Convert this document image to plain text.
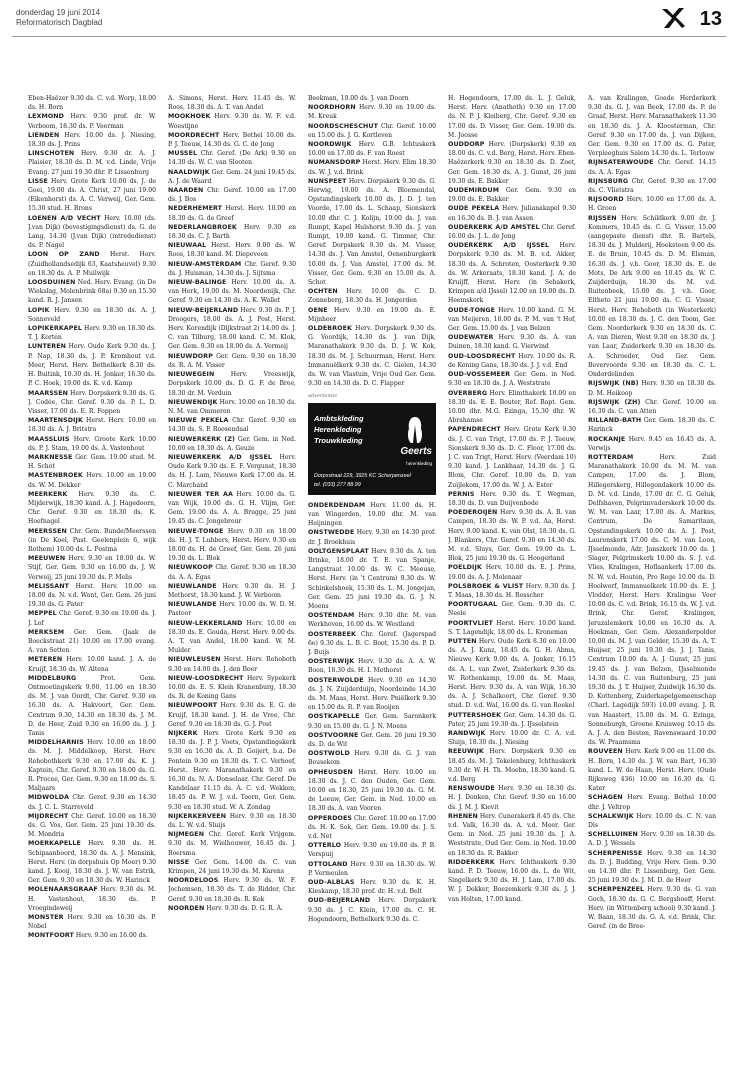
donderdag 19 juni 2014
Reformatorisch Dagblad	13

Eben-Haëzer 9.30 ds. C. v.d. Worp, 18.00 ds. H. Born

LEXMOND Herv. 9.30 prof. dr. W. Verboom, 18.30 ds. P. Veerman

LIENDEN Herv. 10.00 ds. J. Niesing, 18.30 ds. J. Prins

LINSCHOTEN Herv. 9.30 dr. A. J. Plaisier, 18.30 ds. D. M. v.d. Linde, Vrije Evang. 27 juni 19.30 dhr. P. Lissenburg

LISSE Herv. Grote Kerk 10.00 ds. J. de Goei, 19.00 ds. A. Christ, 27 juni 19.00 (Eikenhorst) ds. A. C. Verweij, Ger. Gem. 15.30 stud. H. Brons

LOENEN A/D VECHT Herv. 10.00 (ds. J.van Dijk) (bevestigingsdienst) ds. G. de Lang, 14.30 (J.van Dijk) (intrededienst) ds. P. Nagel

LOON OP ZAND Herst. Herv. (Zuidhollandsedijk 63, Kaatsheuvel) 9.30 en 18.30 ds. A. P. Muilwijk

LOOSDUINEN Ned. Herv. Evang. (in De Wiekslag, Molenbrink 68a) 9.30 en 15.30 kand. R. J. Jansen

LOPIK Herv. 9.30 en 18.30 ds. A. J. Sonneveld

LOPIKERKAPEL Herv. 9.30 en 18.30 ds. T. J. Korten

LUNTEREN Herv. Oude Kerk 9.30 ds. J. P. Nap, 18.30 ds. J. P. Kromhout v.d. Meer, Herst. Herv. Bethelkerk 8.30 ds. H. Buitink, 10.30 ds. H. Jonker, 16.30 ds. P. C. Hoek, 19.00 ds. K. v.d. Kamp

MAARSSEN Herv. Dorpskerk 9.30 ds. G. J. Codée, Chr. Geref. 9.30 ds. P. L. D. Visser, 17.00 ds. E. R. Foppen

MAARTENSDIJK Herst. Herv. 10.00 en 18.30 ds. A. J. Britstra

MAASSLUIS Herv. Groote Kerk 10.00 ds. P. J. Stam, 19.00 ds. A. Vastenhout

MARKNESSE Ger. Gem. 19.00 stud. M. H. Schot

MASTENBROEK Herv. 10.00 en 19.00 ds. W. M. Dekker

MEERKERK Herv. 9.30 ds. C. Mijderwijk, 18.30 kand. A. J. Hagedoorn, Chr. Geref. 9.30 en 18.30 ds. K. Hoefnagel

MEERSSEN Chr. Gem. Bunde/Meerssen (in De Koel, Past. Geelenplein 6, wijk Rothem) 10.00 ds. L. Postma

MEEUWEN Herv. 9.30 en 18.00 ds. W. Stijf, Ger. Gem. 9.30 en 16.00 ds. J. W. Verweij, 25 juni 19.30 ds. P. Melis

MELISSANT Herst. Herv. 10.00 en 18.00 ds. N. v.d. Want, Ger. Gem. 26 juni 19.30 ds. G. Pater

MEPPEL Chr. Geref. 9.30 en 19.00 ds. J. J. Lof

MERKSEM Ger. Gem. (Jaak de Boeckstraat 21) 10.00 en 17.00 evang. A. van Setten

METEREN Herv. 10.00 kand. J. A. de Kruijf, 18.30 ds. W. Altena

MIDDELBURG	Prot. Gem. Ontmoetingskerk 9.00, 11.00 en 18.30 ds. M. J. van Oordt, Chr. Geref. 9.30 en 16.30 ds. A. Hakvoort, Ger. Gem. Centrum 9.30, 14.30 en 18.30 ds. J. M. D. de Heer, Zuid 9.30 en 16.00 ds. J. J. Tanis

MIDDELHARNIS Herv. 10.00 en 18.00 ds. M. J. Middelkoop, Herst. Herv. Rehobothkerk 9.30 en 17.00 ds. K. J. Kaptein, Chr. Geref. 9.30 en 18.00 ds. G. R. Procee, Ger. Gem. 9.30 en 18.00 ds. S. Maljaars

MIDWOLDA Chr. Geref. 9.30 en 14.30 ds. J. C. L. Starreveld

MIJDRECHT Chr. Geref. 10.00 en 18.30 ds. G. Vos, Ger. Gem. 25 juni 19.30 ds. M. Mondria

MOERKAPELLE Herv. 9.30 ds. H. Schipaanboord, 18.30 ds. A. J. Mensink, Herst. Herv. (in dorpshuis Op Moer) 9.30 kand. J. Kooij, 18.30 ds. J. W. van Estrik, Ger. Gem. 9.30 en 18.30 ds. W. Harinck

MOLENAARSGRAAF Herv. 9.30 ds. M. H. Vastenhout, 18.30 ds. P. Vroegindeweij

MONSTER Herv. 9.30 en 16.30 ds. P. Nobel

MONTFOORT Herv. 9.30 en 16.00 ds.

A. Simons, Herst. Herv. 11.45 ds. W. Roos, 18.30 ds. A. T. van Andel

MOOKHOEK Herv. 9.30 ds. W. F. v.d. Woestijne

MOORDRECHT Herv. Bethel 10.00 ds. P. J. Teeuw, 14.30 ds. G. C. de Jong

MUSSEL Chr. Geref. (De Ark) 9.30 en 14.30 ds. W. C. van Slooten

NAALDWIJK Ger. Gem. 24 juni 19.45 ds. A. J. de Waard

NAARDEN Chr. Geref. 10.00 en 17.00 ds. J. Bos

NEDERHEMERT Herst. Herv. 10.00 en 18.30 ds. G. de Greef

NEDERLANGBROEK Herv. 9.30 en 18.30 ds. C. J. Barth

NIEUWAAL Herst. Herv. 9.00 ds. W. Roos, 18.30 kand. M. Diepeveen

NIEUW-AMSTERDAM Chr. Geref. 9.30 ds. J. Huisman, 14.30 ds. J. Sijtsma

NIEUW-BALINGE Herv. 10.00 ds. A. van Herk, 19.00 ds. M. Noordenijk, Chr. Geref. 9.30 en 14.30 ds. A. K. Wallet

NIEUW-BEIJERLAND Herv. 9.30 ds. P. J. Droogers, 18.00 ds. A. J. Post, Herst. Herv. Korendijk (Dijkstraat 2) 14.00 ds. J. C. van Tilburg, 18.00 kand. C. M. Klok, Ger. Gem. 9.30 en 18.00 ds. A. Vermeij

NIEUWDORP Ger. Gem. 9.30 en 18.30 ds. R. A. M. Visser

NIEUWEGEIN	Herv. Vreeswijk, Dorpskerk 10.00 ds. D. G. F. de Bree, 18.30 dr. M. Verduin

NIEUWENDIJK Herv. 10.00 en 18.30 ds. N. M. van Ommeren

NIEUWE PEKELA Chr. Geref. 9.30 en 14.30 ds. S. P. Roosendaal

NIEUWERKERK (Z) Ger. Gem. in Ned. 10.00 en 18.30 ds. A. Geuze

NIEUWERKERK A/D IJSSEL Herv. Oude Kerk 9.30 ds. E. F. Vergunst, 18.30 ds. H. J. Lam, Nieuwe Kerk 17.00 ds. H. C. Marchand

NIEUWER TER AA Herv. 10.00 ds. G. van Wijk, 19.00 ds. G. H. Vlijm, Ger. Gem. 19.00 ds. A. A. Brugge, 25 juni 19.45 ds. C. Jongebreur

NIEUWE-TONGE Herv. 9.30 en 18.00 ds. H. J. T. Lubbers, Herst. Herv. 9.30 en 18.00 ds. H. de Greef, Ger. Gem. 26 juni 19.30 ds. L. Blok

NIEUWKOOP Chr. Geref. 9.30 en 18.30 ds. A. A. Egas

NIEUWLANDE Herv. 9.30 ds. H. J. Methorst, 18.30 kand. J. W. Verboom

NIEUWLANDE Herv. 10.00 ds. W. D. H. Pastoor

NIEUW-LEKKERLAND Herv. 10.00 en 18.30 ds. E. Gouda, Herst. Herv. 9.00 ds. A. T. van Andel, 18.00 kand. W. M. Mulder

NIEUWLEUSEN Herst. Herv. Rehoboth 9.30 en 14.00 ds. J. den Boer

NIEUW-LOOSDRECHT Herv. Sypekerk 10.00 ds. E. S. Klein Kranenburg, 18.30 ds. R. de Koning Gans

NIEUWPOORT Herv. 9.30 ds. E. G. de Kruijf, 18.30 kand. J. H. de Vree, Chr. Geref. 9.30 en 18.30 ds. G. J. Post

NIJKERK Herv. Grote Kerk 9.30 en 18.30 ds. J. P. J. Voets, Opstandingskerk 9.30 en 16.30 ds. A. D. Goijert, b.a. De Fontein 9.30 en 18.30 ds. T. C. Verhoef, Herst. Herv. Maranathakerk 9.30 en 16.30 ds. N. A. Donselaar, Chr. Geref. De Kandelaar 11.15 ds. A. C. v.d. Wekken, 18.45 ds. P. W. J. v.d. Toorn, Ger. Gem. 9.30 en 18.30 stud. W. A. Zondag

NIJKERKERVEEN Herv. 9.30 en 18.30 ds. L. W. v.d. Sluijs

NIJMEGEN Chr. Geref. Kerk Vrijgem. 9.30 ds. M. Wielhouwer, 16.45 ds. J. Boersma

NISSE Ger. Gem. 14.00 ds. C. van Krimpen, 24 juni 19.30 ds. M. Karens

NOORDELOOS Herv. 9.30 ds. W. F. Jochemsen, 18.30 ds. T. de Ridder, Chr. Geref. 9.30 en 18.30 ds. R. Kok

NOORDEN Herv. 9.30 ds. D. G. R. A.

Beekman, 19.00 ds. J. van Doorn

NOORDHORN Herv. 9.30 en 19.00 ds. M. Kreuk

NOORDSCHESCHUT Chr. Geref. 10.00 en 15.00 ds. J. G. Kortleven

NOORDWIJK Herv. G.B. Ichtuskerk 10.00 en 17.00 ds. F. van Roest

NUMANSDORP Herst. Herv. Elim 18.30 ds. W. J. v.d. Brink

NUNSPEET Herv. Dorpskerk 9.30 ds. G. Herwig, 19.00 ds. A. Bloemendal, Opstandingskerk 10.00 ds. J. D. J. ten Voorde, 17.00 ds. L. Schaap, Sionskerk 10.00 dhr. C. J. Kolijn, 19.00 ds. J. van Rumpt, Kapel Hulshorst 9.30 ds. J. van Rumpt, 19.00 kand. G. Timmer, Chr. Geref. Dorpskerk 9.30 ds. M. Visser, 14.30 ds. J. Van Amstel, Oenenburgkerk 10.00 ds. J. Van Amstel, 17.00 ds. M. Visser, Ger. Gem. 9.30 en 15.00 ds. A. Schot

OCHTEN Herv. 10.00 ds. C. D. Zonneberg, 18.30 ds. H. Jongerden

OENE Herv. 9.30 en 19.00 ds. E. Mijnheer

OLDEBROEK Herv. Dorpskerk 9.30 ds. G. Voordijk, 14.30 ds. J. van Dijk, Maranathakerk 9.30 ds. D. J. W. Kok, 18.30 ds. M. J. Schuurman, Herst. Herv. Immanuëlkerk 9.30 ds. C. Gielen, 14.30 ds. W. van Vlastuin, Vrije Oud Ger. Gem. 9.30 en 14.30 ds. D. C. Flapper

advertentie
Ambtskleding
Herenkleding
Trouwkleding
Geerts
herenkleding
Dorpsstraat 229, 3925 KC Scherpenzeel
tel. (033) 277 88 99

ONDERDENDAM Herv. 11.00 ds. H. van Wingerden, 19.00 dhr. M. van Heijningen

ONSTWEDDE Herv. 9.30 en 14.30 prof. dr. J. Broekhuis

OOLTGENSPLAAT Herv. 9.30 ds. A. ten Brinke, 18.00 dr. T. E. van Spanje, Langstraat 10.00 ds. W. C. Meeuse, Herst. Herv. (in 't Centrum) 9.30 ds. W. Schinkelshoek, 15.30 ds. L. M. Jongejan, Ger. Gem. 25 juni 19.30 ds. G. J. N. Moens

OOSTENDAM Herv. 9.30 dhr. M. van Werkhoven, 16.00 ds. W. Westland

OOSTERBEEK Chr. Geref. (Jagerspad 6e) 9.30 ds. L. B. C. Boot, 15.30 ds. P. D. J. Buijs

OOSTERWIJK Herv. 9.30 ds. A. A. W. Boon, 18.30 ds. H. I. Methorst

OOSTERWOLDE Herv. 9.30 en 14.30 ds. J. N. Zuijderduijn, Noordeinde 14.30 ds. M. Maas, Herst. Herv. Pniëlkerk 9.30 en 15.00 ds. R. P. van Rooijen

OOSTKAPELLE Ger. Gem. Saronkerk 9.30 en 15.00 ds. G. J. N. Moens

OOSTVOORNE Ger. Gem. 26 juni 19.30 ds. D. de Wit

OOSTWOLD Herv. 9.30 ds. G. J. van Beusekom

OPHEUSDEN Herst. Herv. 10.00 en 18.30 ds. J. C. den Ouden, Ger. Gem. 10.00 en 18.30, 25 juni 19.30 ds. G. M. de Leeuw, Ger. Gem. in Ned. 10.00 en 18.30 ds. A. van Vooren

OPPERDOES Chr. Geref. 10.00 en 17.00 ds. H. K. Sok, Ger. Gem. 19.00 ds. J. S. v.d. Net

OTTERLO Herv. 9.30 en 19.00 ds. P. B. Verspuij

OTTOLAND Herv. 9.30 en 18.30 ds. W. P. Vermeulen

OUD-ALBLAS Herv. 9.30 ds. K. H. Kieskamp, 18.30 prof. dr. H. v.d. Belt

OUD-BEIJERLAND Herv. Dorpskerk 9.30 ds. J. C. Klein, 17.00 ds. C. H. Hogendoorn, Bethelkerk 9.30 ds. C.

H. Hogendoorn, 17.00 ds. L. J. Geluk, Herst. Herv. (Anathoth) 9.30 en 17.00 ds. N. P. J. Kleiberg, Chr. Geref. 9.30 en 17.00 ds. D. Visser, Ger. Gem. 19.00 ds. M. Joosse

OUDDORP Herv. (Dorpskerk) 9.30 en 18.00 ds. C. v.d. Berg, Herst. Herv. Eben-Haëzerkerk 9.30 en 18.30 ds. D. Zoet, Ger. Gem. 18.30 ds. A. J. Gunst, 26 juni 19.30 ds. E. Bakker

OUDEMIRDUM Ger. Gem. 9.30 en 19.00 ds. E. Bakker

OUDE PEKELA Herv. Julianakapel 9.30 en 16.30 ds. B. J. van Assen

OUDERKERK A/D AMSTEL Chr. Geref. 16.00 ds. J. L. de Jong

OUDERKERK A/D IJSSEL Herv. Dorpskerk 9.30 ds. M. B. v.d. Akker, 18.30 ds. A. Schroten, Oosterkerk 9.30 ds. W. Arkeraats, 18.30 kand. J. A. de Kruijff, Herst. Herv. (in Sebakerk, Krimpen a/d IJssel) 12.00 en 19.00 ds. D. Heemskerk

OUDE-TONGE Herv. 10.00 kand. G. M. van Meijeren, 18.00 ds. P. M. van 't Hof, Ger. Gem. 15.00 ds. J. van Belzen

OUDEWATER Herv. 9.30 ds. A. van Duinen, 18.30 kand. G. Vierwind

OUD-LOOSDRECHT Herv. 10.00 ds. R. de Koning Gans, 18.30 ds. J. J. v.d. End

OUD-VOSSEMEER Ger. Gem. in Ned. 9.30 en 18.30 ds. J. A. Weststrate

OVERBERG Herv. Elimthakerk 10.00 en 18.30 ds. E. E. Bouter, Ref. Bapt. Gem. 10.00 dhr. M.G. Ezinga, 15.30 dhr. W. Abrahamse

PAPENDRECHT Herv. Grote Kerk 9.30 ds. J. C. van Trigt, 17.00 ds. P. J. Teeuw, Sionskerk 9.30 ds. D. C. Floor, 17.00 ds. J. C. van Trigt, Herst. Herv. (Veerdam 10) 9.30 kand. J. Lankhaar, 14.30 ds. J. G. Blom, Chr. Geref. 10.00 ds. D. van Zuijlekom, 17.00 ds. W. J. A. Ester

PERNIS Herv. 9.30 ds. T. Wegman, 18.30 ds. D. van Duijvenbode

POEDEROIJEN Herv. 9.30 ds. A. B. van Campen, 18.30 ds. W. P. v.d. Aa, Herst. Herv. 9.00 kand. K. van Olst, 18.30 ds. G. J. Blankers, Chr. Geref. 9.30 en 14.30 ds. M. v.d. Sluys, Ger. Gem. 19.00 ds. L. Blok, 25 juni 19.30 ds. G. Hoogerland

POELDIJK Herv. 10.00 ds. E. J. Prins, 19.00 ds. A. J. Molenaar

POLSBROEK & VLIST Herv. 9.30 ds. J. T. Maas, 18.30 ds. H. Rosscher

POORTUGAAL Ger. Gem. 9.30 ds. C. Neele

POORTVLIET Herst. Herv. 10.00 kand. S. T. Lagendijk, 18.00 ds. L. Kroneman

PUTTEN Herv. Oude Kerk 8.30 en 10.00 ds. A. J. Kunz, 18.45 ds. G. H. Abma, Nieuwe Kerk 9.00 ds. A. Jonker, 16.15 ds. A. L. van Zwet, Zuiderkerk 9.30 ds. W. Rothenkamp, 19.00 ds. M. Maas, Herst. Herv. 9.30 ds. A. van Wijk, 16.30 ds. A. J. Schalkoort, Chr. Geref. 9.30 stud. D. v.d. Wal, 16.00 ds. G. van Roekel

PUTTERSHOEK Ger. Gem. 14.30 ds. G. Pater, 25 juni 19.30 ds. J. IJsselstein

RANDWIJK Herv. 10.00 dr. C. A. v.d. Sluijs, 18.30 ds. J. Niesing

REEUWIJK Herv. Dorpskerk 9.30 en 18.45 ds. M. J. Tekelenburg, Ichthuskerk 9.30 dr. W. H. Th. Moehn, 18.30 kand. G. v.d. Berg

RENSWOUDE Herv. 9.30 en 18.30 ds. H. J. Donken, Chr. Geref. 9.30 en 16.00 ds. J. M. J. Kievit

RHENEN Herv. Cunerakerk 8.45 ds. Chr. v.d. Valk, 16.30 ds. A. v.d. Meer, Ger. Gem. in Ned. 25 juni 19.30 ds. J. A. Weststrate, Oud Ger. Gem. in Ned. 10.00 en 18.30 ds. R. Bakker

RIDDERKERK Herv. Ichthuskerk 9.30 kand. P. D. Teeuw, 16.00 ds. L. de Wit, Singelkerk 9.30 ds. H. J. Lam, 17.00 ds. W. J. Dekker, Boezemkerk 9.30 ds. J. J. van Holten, 17.00 kand.

A. van Kralingen, Goede Herderkerk 9.30 ds. G. J. van Beek, 17.00 ds. P. de Graaf, Herst. Herv. Maranathakerk 11.30 en 18.30 ds. J. A. Kloosterman, Chr. Geref. 9.30 en 17.00 ds. J. van Dijken, Ger. Gem. 9.30 en 17.00 ds. G. Pater, Verpleeghuis Salem 14.30 ds. L. Terlouw

RIJNSATERWOUDE Chr. Geref. 14.15 ds. A. A. Egas

RIJNSBURG Chr. Geref. 9.30 en 17.00 ds. C. Vlietstra

RIJSOORD Herv. 10.00 en 17.00 ds. A. H. Groen

RIJSSEN Herv. Schildkerk 9.00 dr. J. Kommers, 10.45 ds. C. G. Visser, 15.00 (aangepaste dienst) dhr. R. Bartels, 18.30 ds. J. Mulderij, Hoeksteen 9.00 ds. E. de Bruin, 10.45 ds. D. M. Elsman, 16.30 ds. J. v.h. Goor, 18.30 ds. E. de Mots, De Ark 9.00 en 10.45 ds. W. C. Zuijderduijn, 18.30 ds. M. v.d. Ruitenbeek, 15.00 ds. J. v.h. Goor, Eltheto 21 juni 19.00 ds. C. G. Visser, Herst. Herv. Rehoboth (in Westerkerk) 10.00 en 18.30 ds. J. C. den Toom, Ger. Gem. Noorderkerk 9.30 en 18.30 ds. C. A. van Dieren, West 9.30 en 18.30 ds. J. van Laar, Zuiderkerk 9.30 en 18.30 ds. A. Schroeder, Oud Ger. Gem. Bevervoorde 9.30 en 18.30 ds. C. L. Onderdelinden

RIJSWIJK (NB) Herv. 9.30 en 18.30 ds. D. M. Heikoop

RIJSWIJK (ZH) Chr. Geref. 10.00 en 16.30 ds. C. van Atten

RILLAND-BATH Ger. Gem. 18.30 ds. C. Harinck

ROCKANJE Herv. 9.45 en 16.45 ds. A. Verwijs

ROTTERDAM	Herv. Zuid Maranathakerk 10.00 ds. M. M. van Campen, 17.00 ds. J. Blom, Hillegerskerg, Hillegondakerk 10.00 ds. D. M. v.d. Linde, 17.00 dr. C. G. Geluk, Delfshaven, Pelgrimvaderskerk 10.00 ds. W. M. van Laar, 17.00 ds. A. Markus, Centrum, De Samaritaan, Opstandingskerk 10.00 ds. A. J. Post, Laurenskerk 17.00 ds. C. M. van Loon, IJsselmonde, Adr. Janszkerk 10.00 ds. J. Slager, Pelgrimskerk 10.00 ds. S. J. v.d. Vlies, Kralingen, Hoflaankerk 17.00 ds. N. W. v.d. Houten, Pro Rege 10.00 ds. D. Hoolwerf, Immanuelkerk 10.00 ds. E. J. Vlodder, Herst. Herv. Kralingse Veer 10.00 ds. C. v.d. Brink, 16.15 ds. W. J. v.d. Brink, Chr. Geref. Kralingen, Jeruzalemkerk 10.00 en 16.30 ds. A. Hoekman, Ger. Gem. Alexanderpolder 10.00 ds. M. J. van Gelder, 15.30 ds. A. T. Huijser, 25 juni 19.30 ds. J. J. Tanis, Centrum 10.00 ds. A. J. Gunst, 25 juni 19.45 ds. J. van Belzen, IJsselmonde 14.30 ds. C. van Ruitenburg, 25 juni 19.30 ds. J. T. Huijser, Zuidwijk 16.30 ds. D. Kottenberg, Zuiderkapelgemeenschap (Charl. Lagedijk 593) 10.00 evang. J. R. van Haastert, 15.00 ds. M. G. Ezinga, Sonneburgh, Groene Kruisweg 10.15 ds. A. J. A. den Besten, Ravenswaard 10.00 ds. W. Praamsma

ROUVEEN Herv. Kerk 9.00 en 11.00 ds. H. Born, 14.30 ds. J. W. van Bart, 16.30 kand. L. W. de Haan, Herst. Herv. (Oude Rijksweg 436) 10.00 en 16.30 ds. G. Kater

SCHAGEN Herv. Evang. Bethel 10.00 dhr. J. Veltrop

SCHALKWIJK Herv. 10.00 ds. C. N. van Dis

SCHELLUINEN Herv. 9.30 en 18.30 ds. A. D. J. Wessels

SCHERPENISSE Herv. 9.30 en 14.30 ds. D. J. Budding, Vrije Herv. Gem. 9.30 en 14.30 dhr. P. Lissenburg, Ger. Gem. 25 juni 19.30 ds. J. M. D. de Heer

SCHERPENZEEL Herv. 9.30 ds. G. van Goch, 18.30 ds. G. C. Bergshoeff, Herst. Herv. (in Wittenberg school) 9.30 kand. J. W. Baan, 18.30 ds. G. A. v.d. Brink, Chr. Geref. (in de Bree-
